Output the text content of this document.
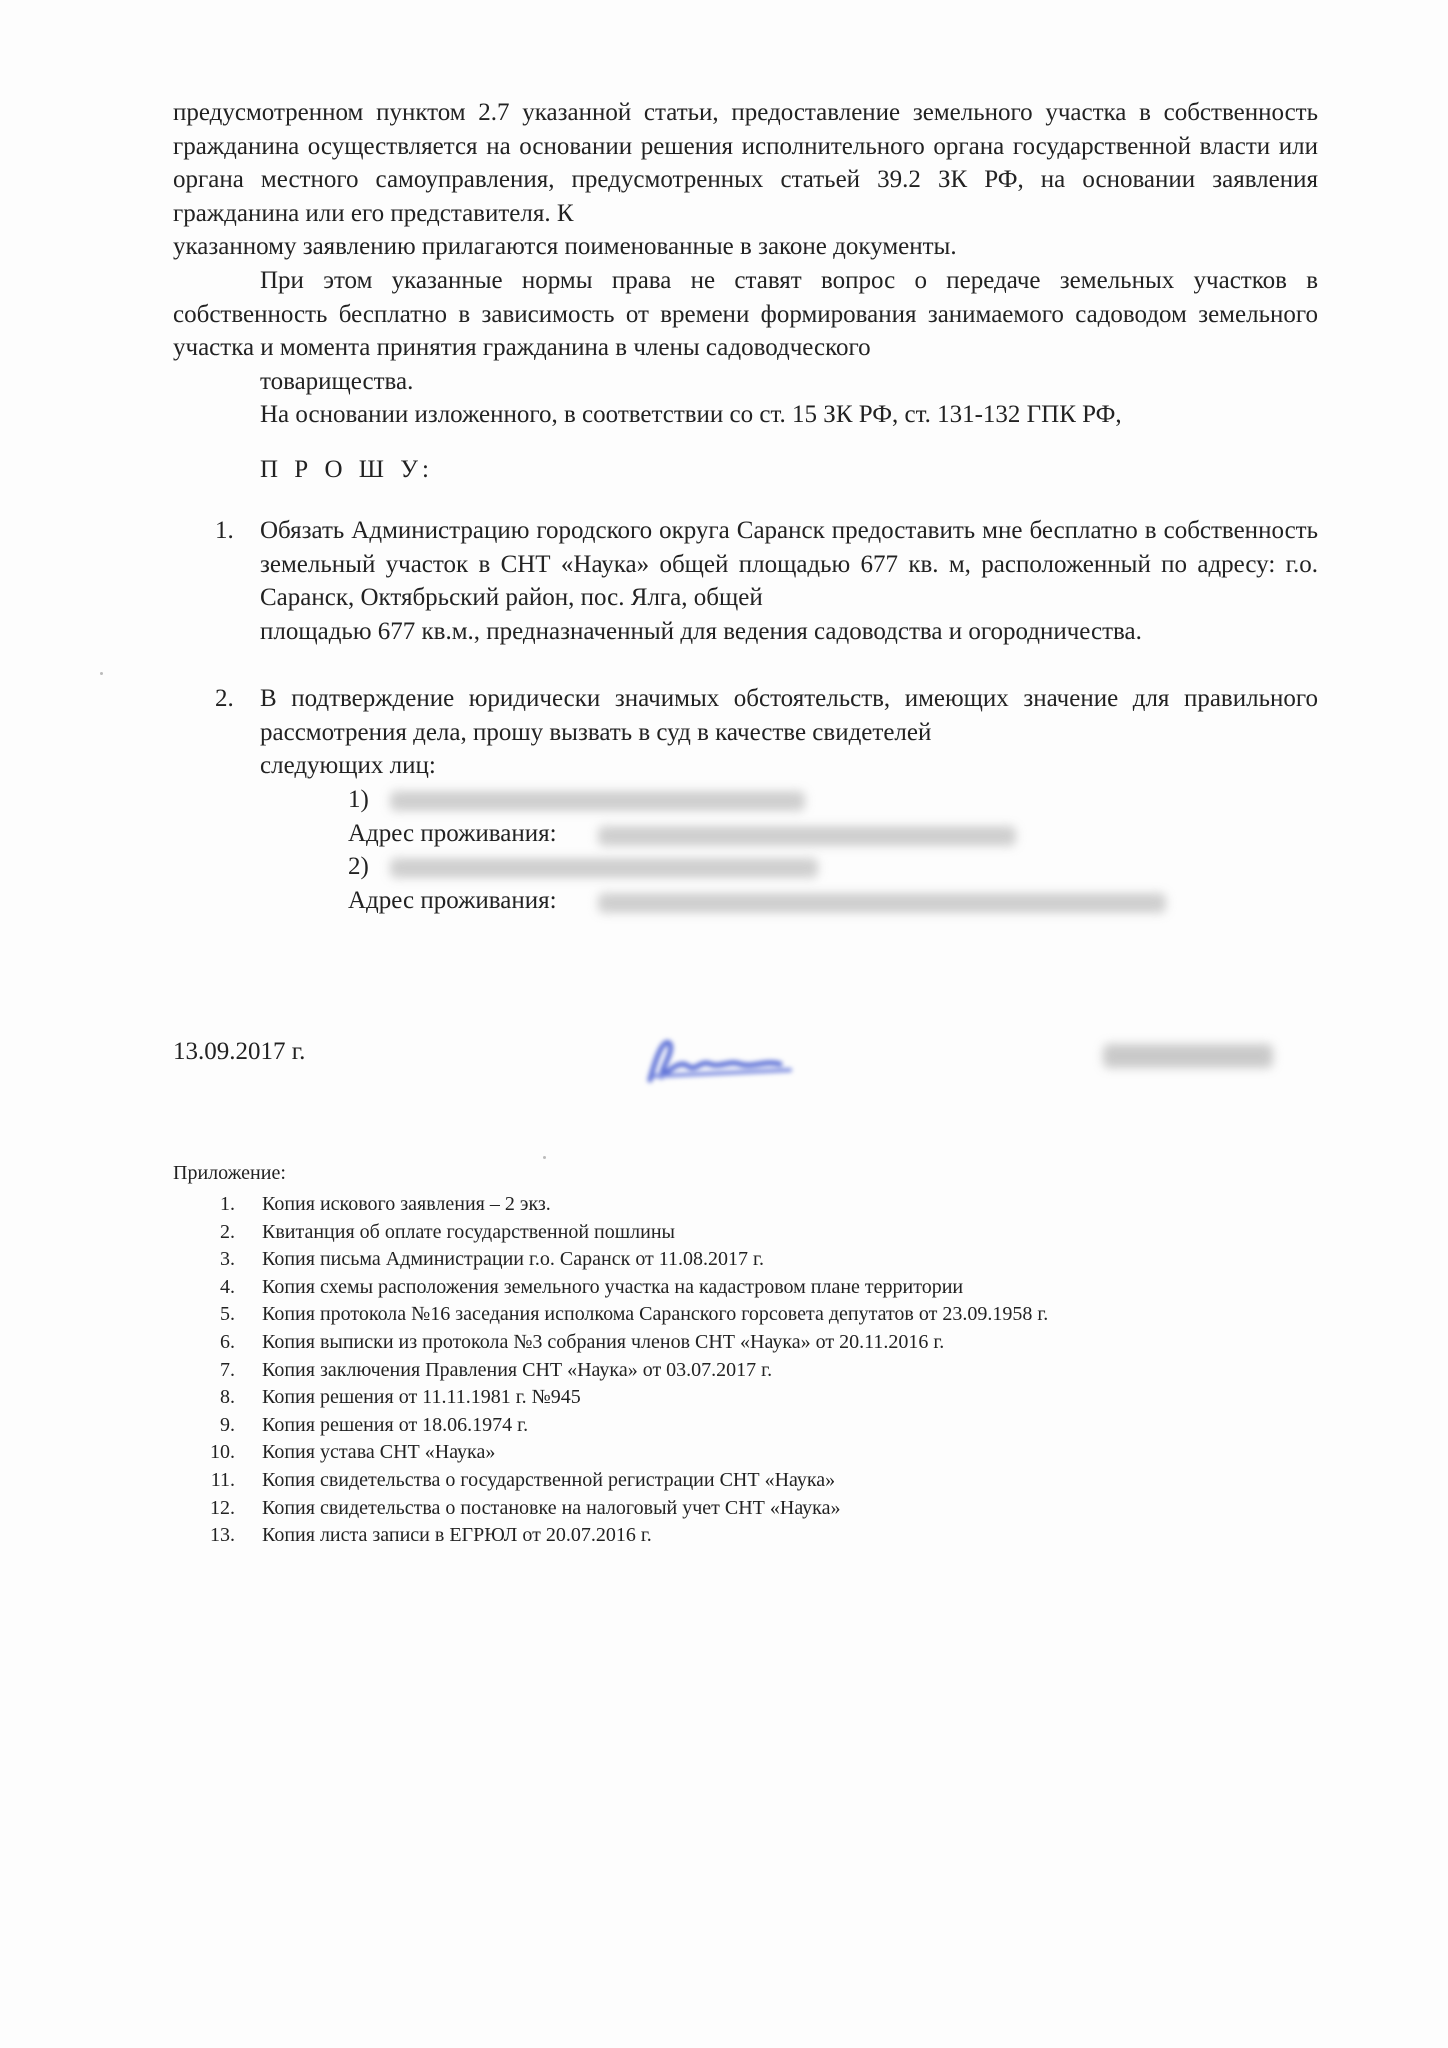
предусмотренном пунктом 2.7 указанной статьи, предоставление земельного участка в собственность гражданина осуществляется на основании решения исполнительного органа государственной власти или органа местного самоуправления, предусмотренных статьей 39.2 ЗК РФ, на основании заявления гражданина или его представителя. К
указанному заявлению прилагаются поименованные в законе документы.
При этом указанные нормы права не ставят вопрос о передаче земельных участков в собственность бесплатно в зависимость от времени формирования занимаемого садоводом земельного участка и момента принятия гражданина в члены садоводческого
товарищества.
На основании изложенного, в соответствии со ст. 15 ЗК РФ, ст. 131-132 ГПК РФ,
П Р О Ш У:
1. Обязать Администрацию городского округа Саранск предоставить мне бесплатно в собственность земельный участок в СНТ «Наука» общей площадью 677 кв. м, расположенный по адресу: г.о. Саранск, Октябрьский район, пос. Ялга, общей
площадью 677 кв.м., предназначенный для ведения садоводства и огородничества.
2. В подтверждение юридически значимых обстоятельств, имеющих значение для правильного рассмотрения дела, прошу вызвать в суд в качестве свидетелей
следующих лиц:
1)
Адрес проживания:
2)
Адрес проживания:
13.09.2017 г.
Приложение:
1. Копия искового заявления – 2 экз.
2. Квитанция об оплате государственной пошлины
3. Копия письма Администрации г.о. Саранск от 11.08.2017 г.
4. Копия схемы расположения земельного участка на кадастровом плане территории
5. Копия протокола №16 заседания исполкома Саранского горсовета депутатов от 23.09.1958 г.
6. Копия выписки из протокола №3 собрания членов СНТ «Наука» от 20.11.2016 г.
7. Копия заключения Правления СНТ «Наука» от 03.07.2017 г.
8. Копия решения от 11.11.1981 г. №945
9. Копия решения от 18.06.1974 г.
10. Копия устава СНТ «Наука»
11. Копия свидетельства о государственной регистрации СНТ «Наука»
12. Копия свидетельства о постановке на налоговый учет СНТ «Наука»
13. Копия листа записи в ЕГРЮЛ от 20.07.2016 г.
